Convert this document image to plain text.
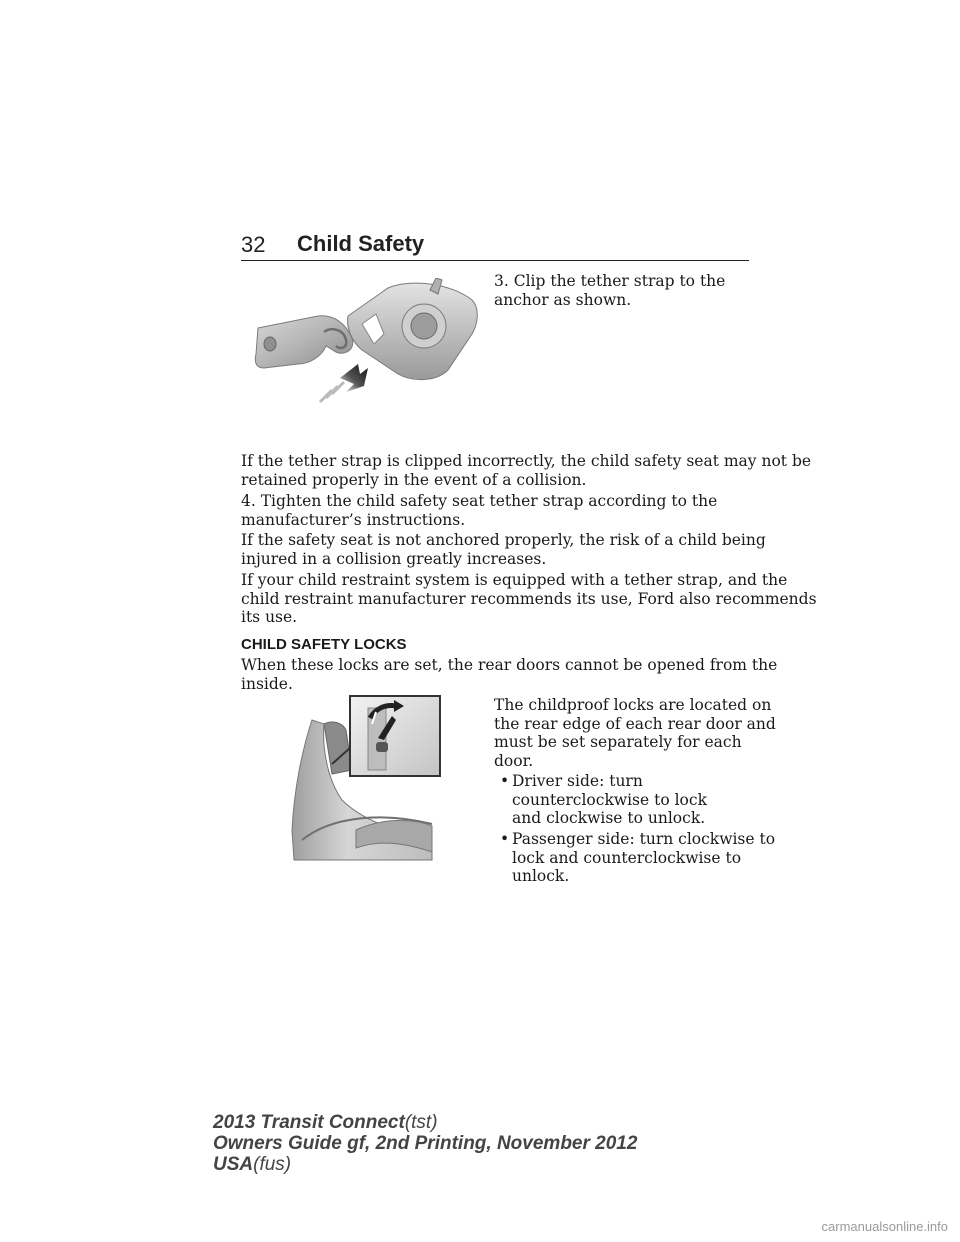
32 Child Safety

3. Clip the tether strap to the
anchor as shown.

If the tether strap is clipped incorrectly, the child safety seat may not be
retained properly in the event of a collision.

4. Tighten the child safety seat tether strap according to the
manufacturer’s instructions.

If the safety seat is not anchored properly, the risk of a child being
injured in a collision greatly increases.

If your child restraint system is equipped with a tether strap, and the
child restraint manufacturer recommends its use, Ford also recommends
its use.

CHILD SAFETY LOCKS

When these locks are set, the rear doors cannot be opened from the
inside.

The childproof locks are located on
the rear edge of each rear door and
must be set separately for each
door.

• Driver side: turn
counterclockwise to lock
and clockwise to unlock.
• Passenger side: turn clockwise to
lock and counterclockwise to
unlock.
2013 Transit Connect(tst)
Owners Guide gf, 2nd Printing, November 2012
USA(fus)
carmanualsonline.info
